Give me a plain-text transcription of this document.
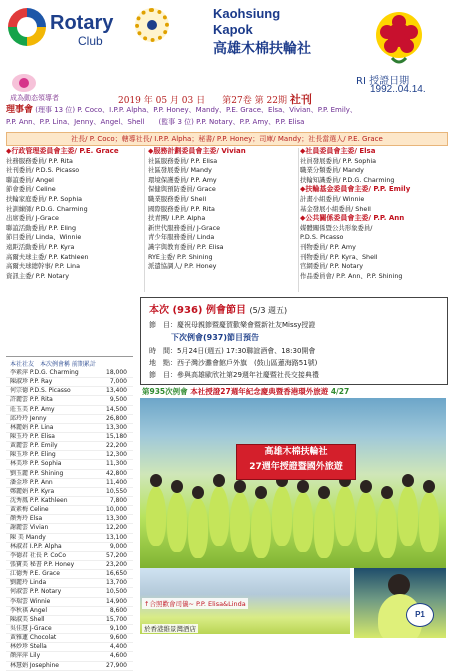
Rotary
Club
Kaohsiung
Kapok
高雄木棉扶輪社
RI 授證日期
1992..04.14.
成為動态領導者	2019 年 05 月 03 日 第27卷 第 22期 社刊
理事會 (理事 13 位) P. Coco、I.P.P. Alpha、P.P. Honey、Mandy、P.E. Grace、Elsa、Vivian、P.P. Emily、
P.P. Ann、P.P. Lina、Jenny、Angel、Shell　　(監事 3 位) P.P. Notary、P.P. Amy、P.P. Elisa
社長/ P. Coco；轄導社長/ I.P.P. Alpha；秘書/ P.P. Honey；司庫/ Mandy；社長當選人/ P.E. Grace
◆行政管理委員會主委/ P.E. Grace
社務服務委員/ P.P. Rita
社刊委員/ P.D.S. Picasso
聯誼委員/ Angel
節會委員/ Celine
扶輪家庭委員/ P.P. Sophia
社訓練師/ P.D.G. Charming
出席委員/ J-Grace
聯誼活動委員/ P.P. Eling
節目委員/ Linda、Winnie
遠距活動委員/ P.P. Kyra
高爾夫球主委/ P.P. Kathleen
高爾夫球總幹事/ P.P. Lina
資訊主委/ P.P. Notary
◆服務計劃委員會主委/ Vivian
社區服務委員/ P.P. Elisa
社區發展委員/ Mandy
環境保護委員/ P.P. Amy
保健與預防委員/ Grace
職業服務委員/ Shell
國際服務委員/ P.P. Rita
扶青團/ I.P.P. Alpha
新世代服務委員/ J-Grace
青少年服務委員/ Linda
識字與教育委員/ P.P. Elisa
RYE主委/ P.P. Shining
派遣協調人/ P.P. Honey
◆社員委員會主委/ Elsa
社員發展委員/ P.P. Sophia
職業分類委員/ Mandy
扶輪知識委員/ P.D.G. Charming
◆扶輪基金委員會主委/ P.P. Emily
計畫小組委員/ Winnie
基金發展小組委員/ Shell
◆公共關係委員會主委/ P.P. Ann
媒體關係暨公共形象委員/
P.D.S. Picasso
刊物委員/ P.P. Amy
刊物委員/ P.P. Kyra、Shell
官網委員/ P.P. Notary
作品委員會/ P.P. Ann、P.P. Shining
本社社友　本次例會稱 前期累計
李素萍 P.D.G. Charming	18,000
陳淑珍 P.P. Ray	7,000
何宗德 P.D.S. Picasso	13,400
許麗雲 P.P. Rita	9,500
莊玉美 P.P. Amy	14,500
邱玲玲 Jenny	26,800
林麗娟 P.P. Lina	13,300
陳玉玲 P.P. Elisa	15,180
黃麗雲 P.P. Emily	22,200
陳玉珍 P.P. Eling	12,300
林美珍 P.P. Sophia	11,300
劉玉麗 P.P. Shining	42,800
潘金珍 P.P. Ann	11,400
鄭麗娟 P.P. Kyra	10,550
沈秀鳳 P.P. Kathleen	7,800
黃素梅 Celine	10,000
顏秀玲 Elsa	13,300
謝麗雲 Vivian	12,200
陳 美 Mandy	13,100
林淑君 I.P.P. Alpha	9,000
李德君 社長 P. CoCo	57,200
張寶美 秘書 P.P. Honey	23,200
江德秀 P.E. Grace	16,650
劉麗玲 Linda	13,700
何淑雲 P.P. Notary	10,500
李瑞雲 Winnie	14,900
李秋祺 Angel	8,600
陳淑美 Shell	15,700
吳佳慧 J-Grace	9,100
黃雅蓮 Chocolat	9,600
林妙珍 Stella	4,400
顏萍萍 Lily	4,600
林慧娟 Josephine	27,900
本次 (936) 例會節目 (5/3 週五)
節　目：慶祝母親節暨慶賀歡樂會暨新社友Missy授證
下次例會(937)節目預告
時　間：5月24日(週五) 17:30聯誼酒會、18:30開會
地　點：西子灣沙灘會館戶外旗　(鼓山區蓮海路51號)
節　目：參與高雄歐欣社第29週年社慶暨社長交接典禮
第935次例會 本社授證27週年紀念慶典暨香港環外旅遊 4/27
高雄木棉扶輪社
27週年授證暨國外旅遊
↑合照歡會司儀~ P.P. Elisa&Linda
於香港維景灣酒店
P1
